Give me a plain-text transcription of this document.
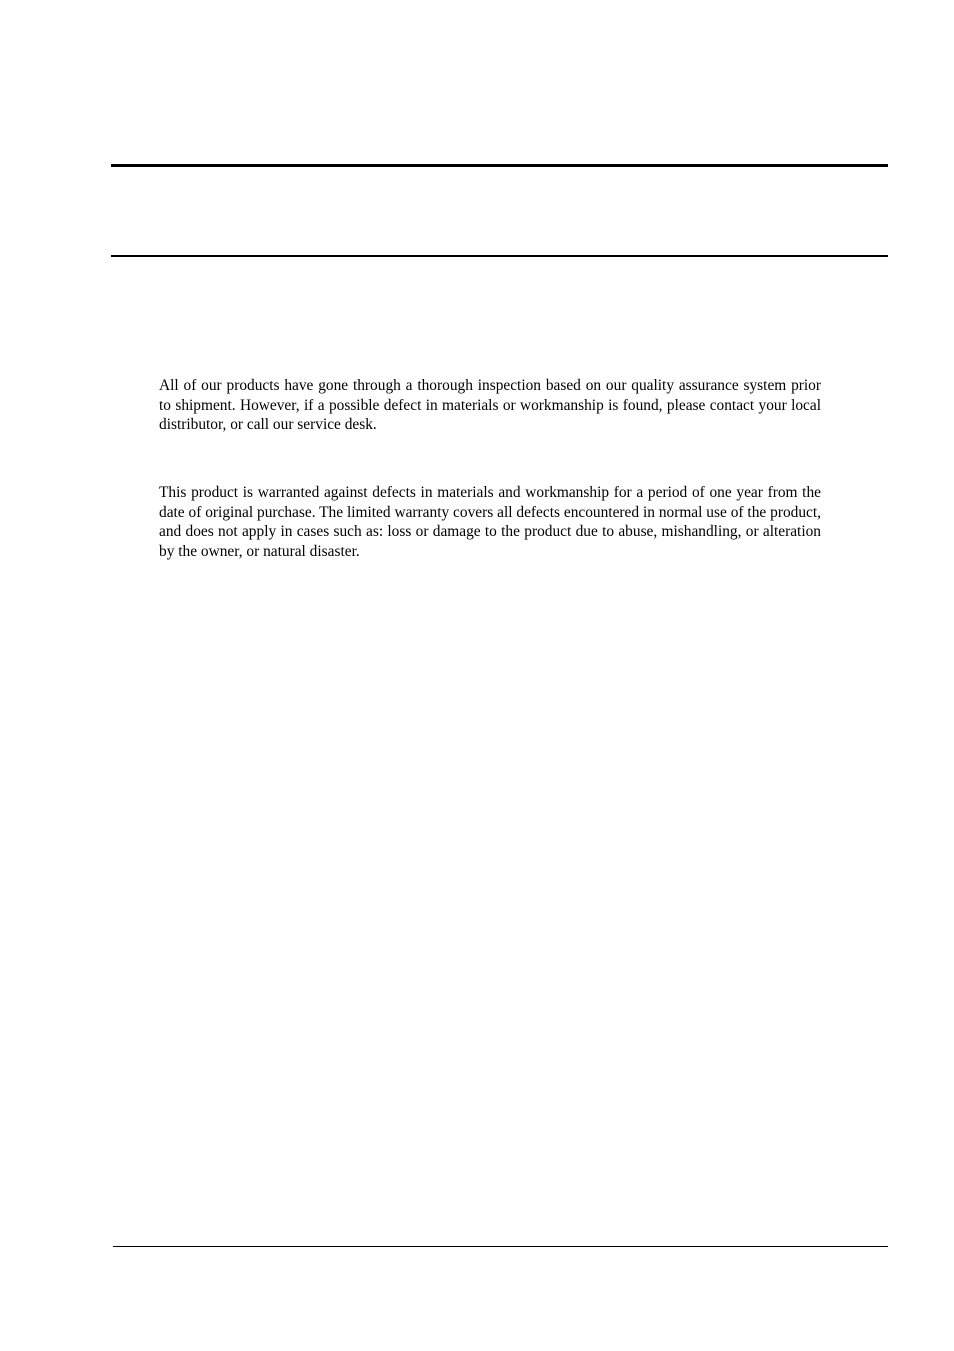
All of our products have gone through a thorough inspection based on our quality assurance system prior to shipment. However, if a possible defect in materials or workmanship is found, please contact your local distributor, or call our service desk.

This product is warranted against defects in materials and workmanship for a period of one year from the date of original purchase. The limited warranty covers all defects encountered in normal use of the product, and does not apply in cases such as: loss or damage to the product due to abuse, mishandling, or alteration by the owner, or natural disaster.
